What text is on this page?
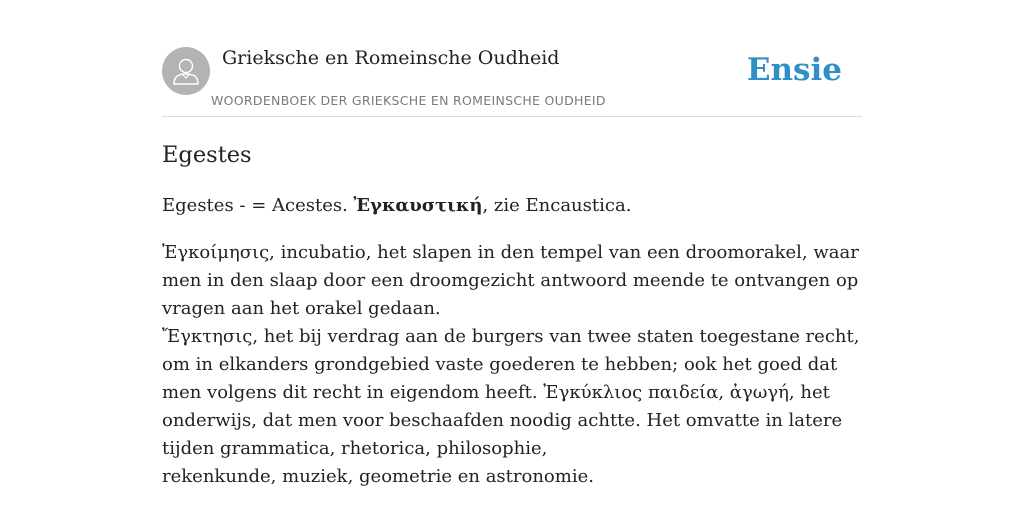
Grieksche en Romeinsche Oudheid
WOORDENBOEK DER GRIEKSCHE EN ROMEINSCHE OUDHEID
Ensie
Egestes

Egestes - = Acestes. Ἐγκαυστική, zie Encaustica.

Ἐγκοίμησις, incubatio, het slapen in den tempel van een droomorakel, waar men in den slaap door een droomgezicht antwoord meende te ontvangen op vragen aan het orakel gedaan.
Ἔγκτησις, het bij verdrag aan de burgers van twee staten toegestane recht, om in elkanders grondgebied vaste goederen te hebben; ook het goed dat men volgens dit recht in eigendom heeft. Ἐγκύκλιος παιδεία, ἀγωγή, het onderwijs, dat men voor beschaafden noodig achtte. Het omvatte in latere tijden grammatica, rhetorica, philosophie,
rekenkunde, muziek, geometrie en astronomie.
